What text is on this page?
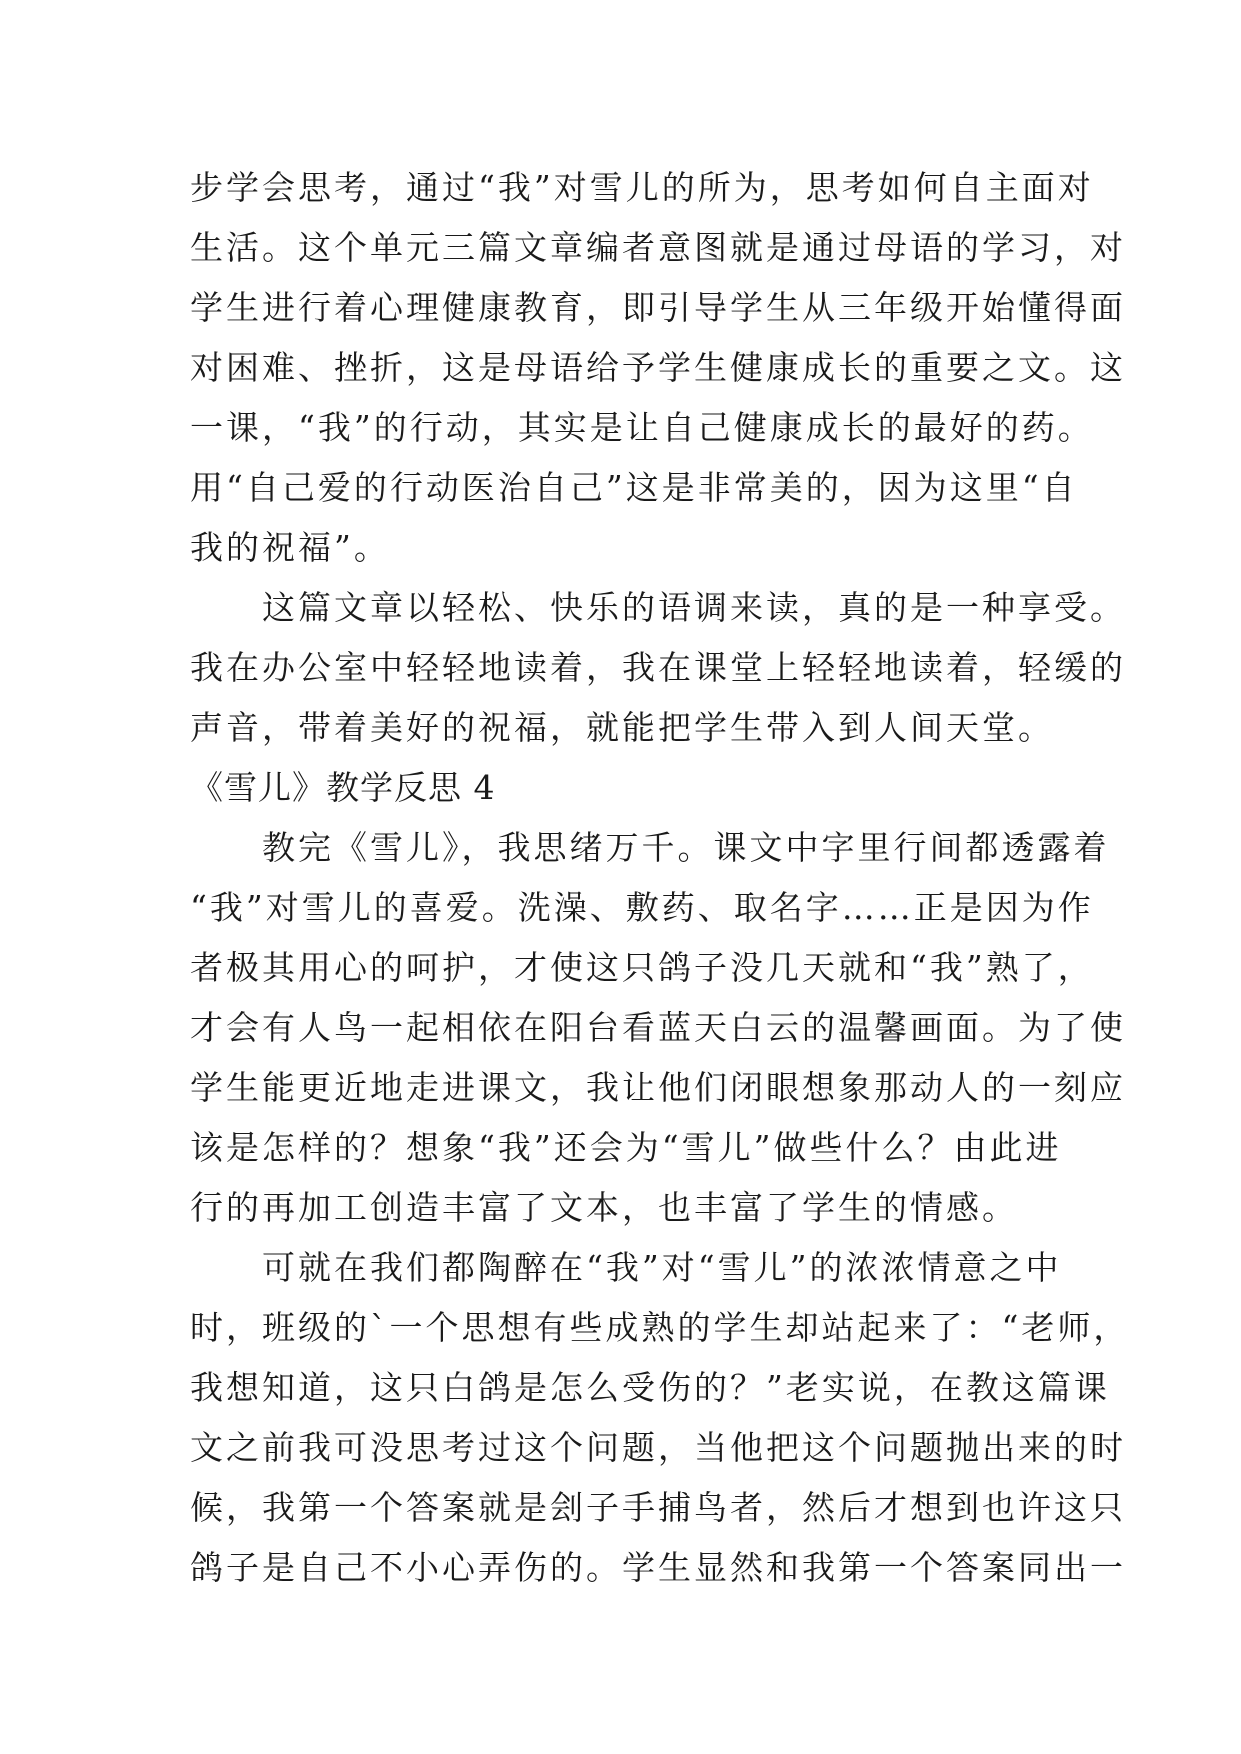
步学会思考，通过“我”对雪儿的所为，思考如何自主面对
生活。这个单元三篇文章编者意图就是通过母语的学习，对
学生进行着心理健康教育，即引导学生从三年级开始懂得面
对困难、挫折，这是母语给予学生健康成长的重要之文。这
一课，“我”的行动，其实是让自己健康成长的最好的药。
用“自己爱的行动医治自己”这是非常美的，因为这里“自
我的祝福”。
　　这篇文章以轻松、快乐的语调来读，真的是一种享受。
我在办公室中轻轻地读着，我在课堂上轻轻地读着，轻缓的
声音，带着美好的祝福，就能把学生带入到人间天堂。
《雪儿》教学反思 4
　　教完《雪儿》，我思绪万千。课文中字里行间都透露着
“我”对雪儿的喜爱。洗澡、敷药、取名字……正是因为作
者极其用心的呵护，才使这只鸽子没几天就和“我”熟了，
才会有人鸟一起相依在阳台看蓝天白云的温馨画面。为了使
学生能更近地走进课文，我让他们闭眼想象那动人的一刻应
该是怎样的？想象“我”还会为“雪儿”做些什么？由此进
行的再加工创造丰富了文本，也丰富了学生的情感。
　　可就在我们都陶醉在“我”对“雪儿”的浓浓情意之中
时，班级的`一个思想有些成熟的学生却站起来了：“老师，
我想知道，这只白鸽是怎么受伤的？”老实说，在教这篇课
文之前我可没思考过这个问题，当他把这个问题抛出来的时
候，我第一个答案就是刽子手捕鸟者，然后才想到也许这只
鸽子是自己不小心弄伤的。学生显然和我第一个答案同出一
